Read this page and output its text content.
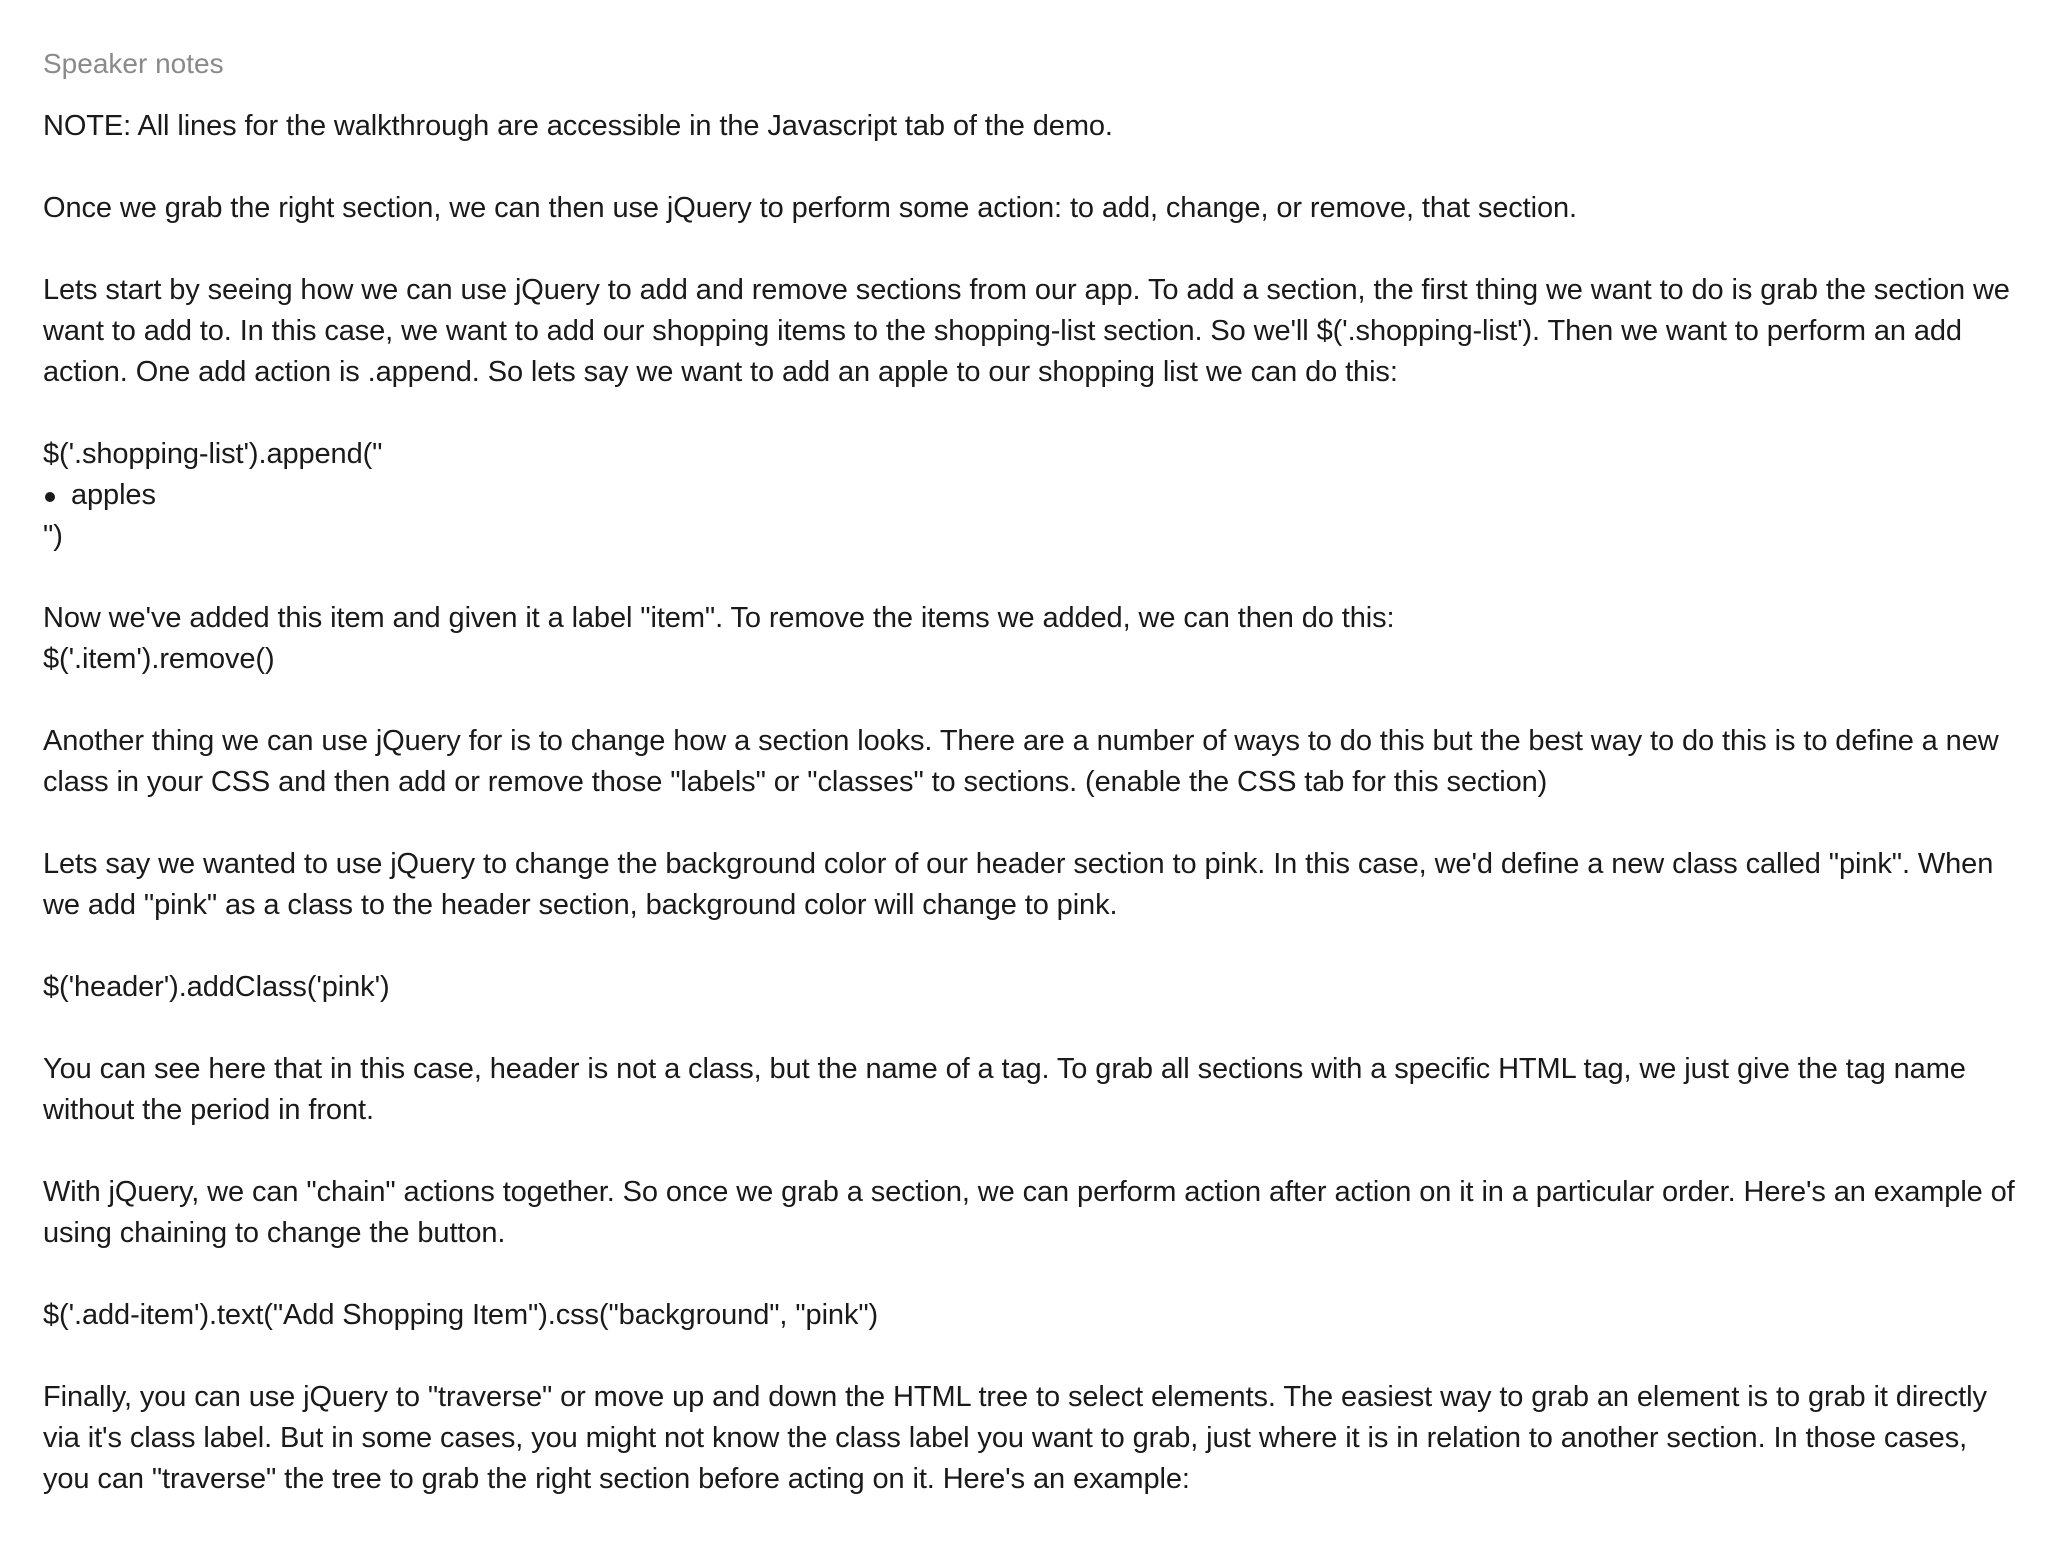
Speaker notes

NOTE: All lines for the walkthrough are accessible in the Javascript tab of the demo.

Once we grab the right section, we can then use jQuery to perform some action: to add, change, or remove, that section.

Lets start by seeing how we can use jQuery to add and remove sections from our app. To add a section, the first thing we want to do is grab the section we want to add to. In this case, we want to add our shopping items to the shopping-list section. So we'll $('.shopping-list'). Then we want to perform an add action. One add action is .append. So lets say we want to add an apple to our shopping list we can do this:

$('.shopping-list').append("
apples
")
Now we've added this item and given it a label "item". To remove the items we added, we can then do this:
$('.item').remove()

Another thing we can use jQuery for is to change how a section looks. There are a number of ways to do this but the best way to do this is to define a new class in your CSS and then add or remove those "labels" or "classes" to sections. (enable the CSS tab for this section)

Lets say we wanted to use jQuery to change the background color of our header section to pink. In this case, we'd define a new class called "pink". When we add "pink" as a class to the header section, background color will change to pink.

$('header').addClass('pink')

You can see here that in this case, header is not a class, but the name of a tag. To grab all sections with a specific HTML tag, we just give the tag name without the period in front.

With jQuery, we can "chain" actions together. So once we grab a section, we can perform action after action on it in a particular order. Here's an example of using chaining to change the button.

$('.add-item').text("Add Shopping Item").css("background", "pink")

Finally, you can use jQuery to "traverse" or move up and down the HTML tree to select elements. The easiest way to grab an element is to grab it directly via it's class label. But in some cases, you might not know the class label you want to grab, just where it is in relation to another section. In those cases, you can "traverse" the tree to grab the right section before acting on it. Here's an example:
